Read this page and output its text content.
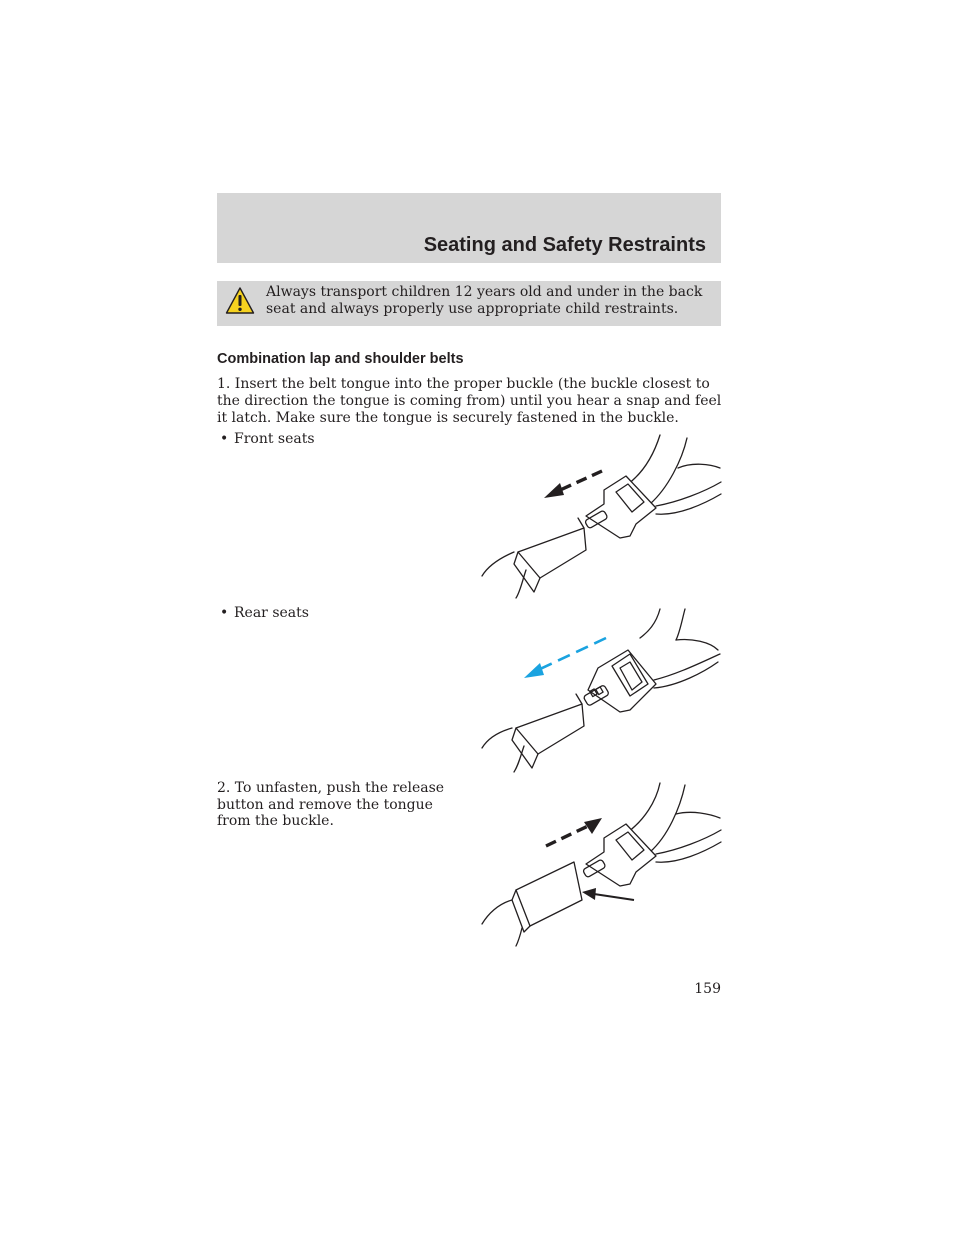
Seating and Safety Restraints
Always transport children 12 years old and under in the back seat and always properly use appropriate child restraints.
Combination lap and shoulder belts
1. Insert the belt tongue into the proper buckle (the buckle closest to the direction the tongue is coming from) until you hear a snap and feel it latch. Make sure the tongue is securely fastened in the buckle.
• Front seats
• Rear seats
2. To unfasten, push the release button and remove the tongue from the buckle.
159
